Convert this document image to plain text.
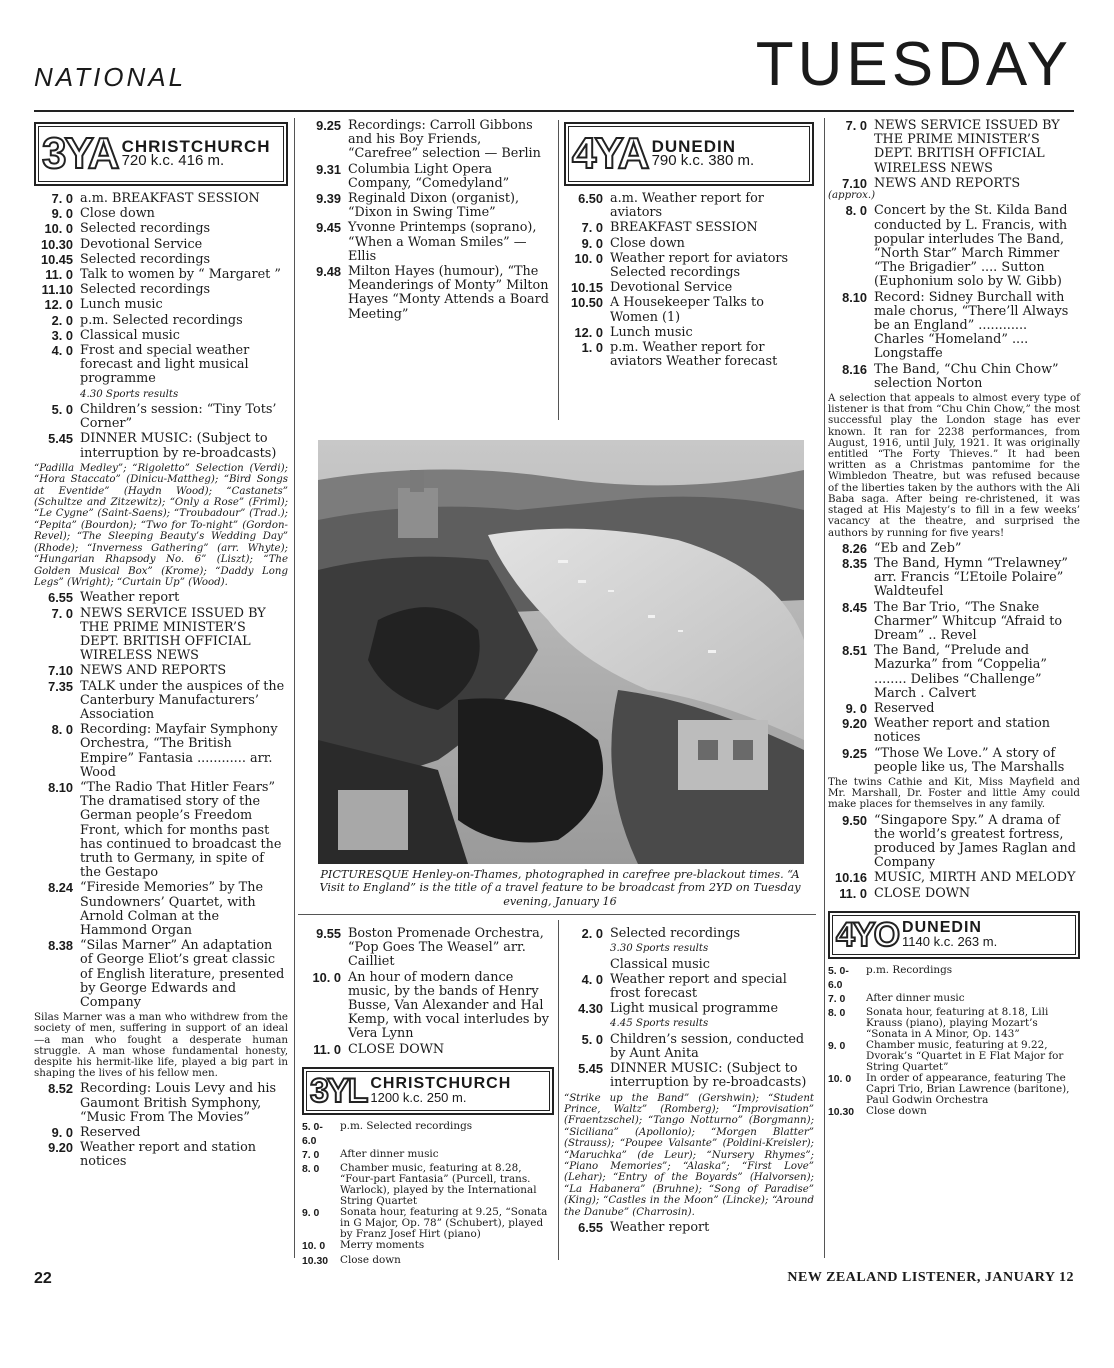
NATIONAL	TUESDAY
3YA CHRISTCHURCH
720 k.c. 416 m.
7. 0 a.m. BREAKFAST SESSION
9. 0 Close down
10. 0 Selected recordings
10.30 Devotional Service
10.45 Selected recordings
11. 0 Talk to women by “ Margaret ”
11.10 Selected recordings
12. 0 Lunch music
2. 0 p.m. Selected recordings
3. 0 Classical music
4. 0 Frost and special weather forecast and light musical programme
4.30 Sports results
5. 0 Children’s session: “Tiny Tots’ Corner”
5.45 DINNER MUSIC: (Subject to interruption by re-broadcasts)
“Padilla Medley”; “Rigoletto” Selection (Verdi); “Hora Staccato” (Dinicu-Mattheg); “Bird Songs at Eventide” (Haydn Wood); “Castanets” (Schultze and Zitzewitz); “Only a Rose” (Friml); “Le Cygne” (Saint-Saens); “Troubadour” (Trad.); “Pepita” (Bourdon); “Two for To-night” (Gordon-Revel); “The Sleeping Beauty’s Wedding Day” (Rhode); “Inverness Gathering” (arr. Whyte); “Hungarian Rhapsody No. 6” (Liszt); “The Golden Musical Box” (Krome); “Daddy Long Legs” (Wright); “Curtain Up” (Wood).
6.55 Weather report
7. 0 NEWS SERVICE ISSUED BY THE PRIME MINISTER’S DEPT. BRITISH OFFICIAL WIRELESS NEWS
7.10 NEWS AND REPORTS
7.35 TALK under the auspices of the Canterbury Manufacturers’ Association
8. 0 Recording: Mayfair Symphony Orchestra, “The British Empire” Fantasia ............ arr. Wood
8.10 “The Radio That Hitler Fears” The dramatised story of the German people’s Freedom Front, which for months past has continued to broadcast the truth to Germany, in spite of the Gestapo
8.24 “Fireside Memories” by The Sundowners’ Quartet, with Arnold Colman at the Hammond Organ
8.38 “Silas Marner” An adaptation of George Eliot’s great classic of English literature, presented by George Edwards and Company
Silas Marner was a man who withdrew from the society of men, suffering in support of an ideal—a man who fought a desperate human struggle. A man whose fundamental honesty, despite his hermit-like life, played a big part in shaping the lives of his fellow men.
8.52 Recording: Louis Levy and his Gaumont British Symphony, “Music From The Movies”
9. 0 Reserved
9.20 Weather report and station notices
9.25 Recordings: Carroll Gibbons and his Boy Friends, “Carefree” selection — Berlin
9.31 Columbia Light Opera Company, “Comedyland”
9.39 Reginald Dixon (organist), “Dixon in Swing Time”
9.45 Yvonne Printemps (soprano), “When a Woman Smiles” — Ellis
9.48 Milton Hayes (humour), “The Meanderings of Monty” Milton Hayes “Monty Attends a Board Meeting”
4YA DUNEDIN
790 k.c. 380 m.
6.50 a.m. Weather report for aviators
7. 0 BREAKFAST SESSION
9. 0 Close down
10. 0 Weather report for aviators Selected recordings
10.15 Devotional Service
10.50 A Housekeeper Talks to Women (1)
12. 0 Lunch music
1. 0 p.m. Weather report for aviators Weather forecast
PICTURESQUE Henley-on-Thames, photographed in carefree pre-blackout times. “A Visit to England” is the title of a travel feature to be broadcast from 2YD on Tuesday evening, January 16
9.55 Boston Promenade Orchestra, “Pop Goes The Weasel” arr. Cailliet
10. 0 An hour of modern dance music, by the bands of Henry Busse, Van Alexander and Hal Kemp, with vocal interludes by Vera Lynn
11. 0 CLOSE DOWN
3YL CHRISTCHURCH
1200 k.c. 250 m.
5. 0-6.0
p.m. Selected recordings
7. 0	After dinner music
8. 0	Chamber music, featuring at 8.28, “Four-part Fantasia” (Purcell, trans. Warlock), played by the International String Quartet
9. 0	Sonata hour, featuring at 9.25, “Sonata in G Major, Op. 78” (Schubert), played by Franz Josef Hirt (piano)
10. 0	Merry moments
10.30	Close down
2. 0 Selected recordings
3.30 Sports results
Classical music
4. 0 Weather report and special frost forecast
4.30 Light musical programme
4.45 Sports results
5. 0 Children’s session, conducted by Aunt Anita
5.45 DINNER MUSIC: (Subject to interruption by re-broadcasts)
“Strike up the Band” (Gershwin); “Student Prince, Waltz” (Romberg); “Improvisation” (Fraentzschel); “Tango Notturno” (Borgmann); “Siciliana” (Apollonio); “Morgen Blatter” (Strauss); “Poupee Valsante” (Poldini-Kreisler); “Maruchka” (de Leur); “Nursery Rhymes”; “Piano Memories”; “Alaska”; “First Love” (Lehar); “Entry of the Boyards” (Halvorsen); “La Habanera” (Bruhne); “Song of Paradise” (King); “Castles in the Moon” (Lincke); “Around the Danube” (Charrosin).
6.55 Weather report
7. 0 NEWS SERVICE ISSUED BY THE PRIME MINISTER’S DEPT. BRITISH OFFICIAL WIRELESS NEWS
7.10 NEWS AND REPORTS
(approx.)
8. 0 Concert by the St. Kilda Band conducted by L. Francis, with popular interludes The Band, “North Star” March Rimmer “The Brigadier” .... Sutton (Euphonium solo by W. Gibb)
8.10 Record: Sidney Burchall with male chorus, “There’ll Always be an England” ............ Charles “Homeland” .... Longstaffe
8.16 The Band, “Chu Chin Chow” selection Norton
A selection that appeals to almost every type of listener is that from “Chu Chin Chow,” the most successful play the London stage has ever known. It ran for 2238 performances, from August, 1916, until July, 1921. It was originally entitled “The Forty Thieves.” It had been written as a Christmas pantomime for the Wimbledon Theatre, but was refused because of the liberties taken by the authors with the Ali Baba saga. After being re-christened, it was staged at His Majesty’s to fill in a few weeks’ vacancy at the theatre, and surprised the authors by running for five years!
8.26 “Eb and Zeb”
8.35 The Band, Hymn “Trelawney” arr. Francis “L’Etoile Polaire” Waldteufel
8.45 The Bar Trio, “The Snake Charmer” Whitcup “Afraid to Dream” .. Revel
8.51 The Band, “Prelude and Mazurka” from “Coppelia” ........ Delibes “Challenge” March . Calvert
9. 0 Reserved
9.20 Weather report and station notices
9.25 “Those We Love.” A story of people like us, The Marshalls
The twins Cathie and Kit, Miss Mayfield and Mr. Marshall, Dr. Foster and little Amy could make places for themselves in any family.
9.50 “Singapore Spy.” A drama of the world’s greatest fortress, produced by James Raglan and Company
10.16 MUSIC, MIRTH AND MELODY
11. 0 CLOSE DOWN
4YO DUNEDIN
1140 k.c. 263 m.
5. 0-6.0
p.m. Recordings
7. 0	After dinner music
8. 0	Sonata hour, featuring at 8.18, Lili Krauss (piano), playing Mozart’s “Sonata in A Minor, Op. 143”
9. 0	Chamber music, featuring at 9.22, Dvorak’s “Quartet in E Flat Major for String Quartet”
10. 0	In order of appearance, featuring The Capri Trio, Brian Lawrence (baritone), Paul Godwin Orchestra
10.30	Close down
22	NEW ZEALAND LISTENER, JANUARY 12
